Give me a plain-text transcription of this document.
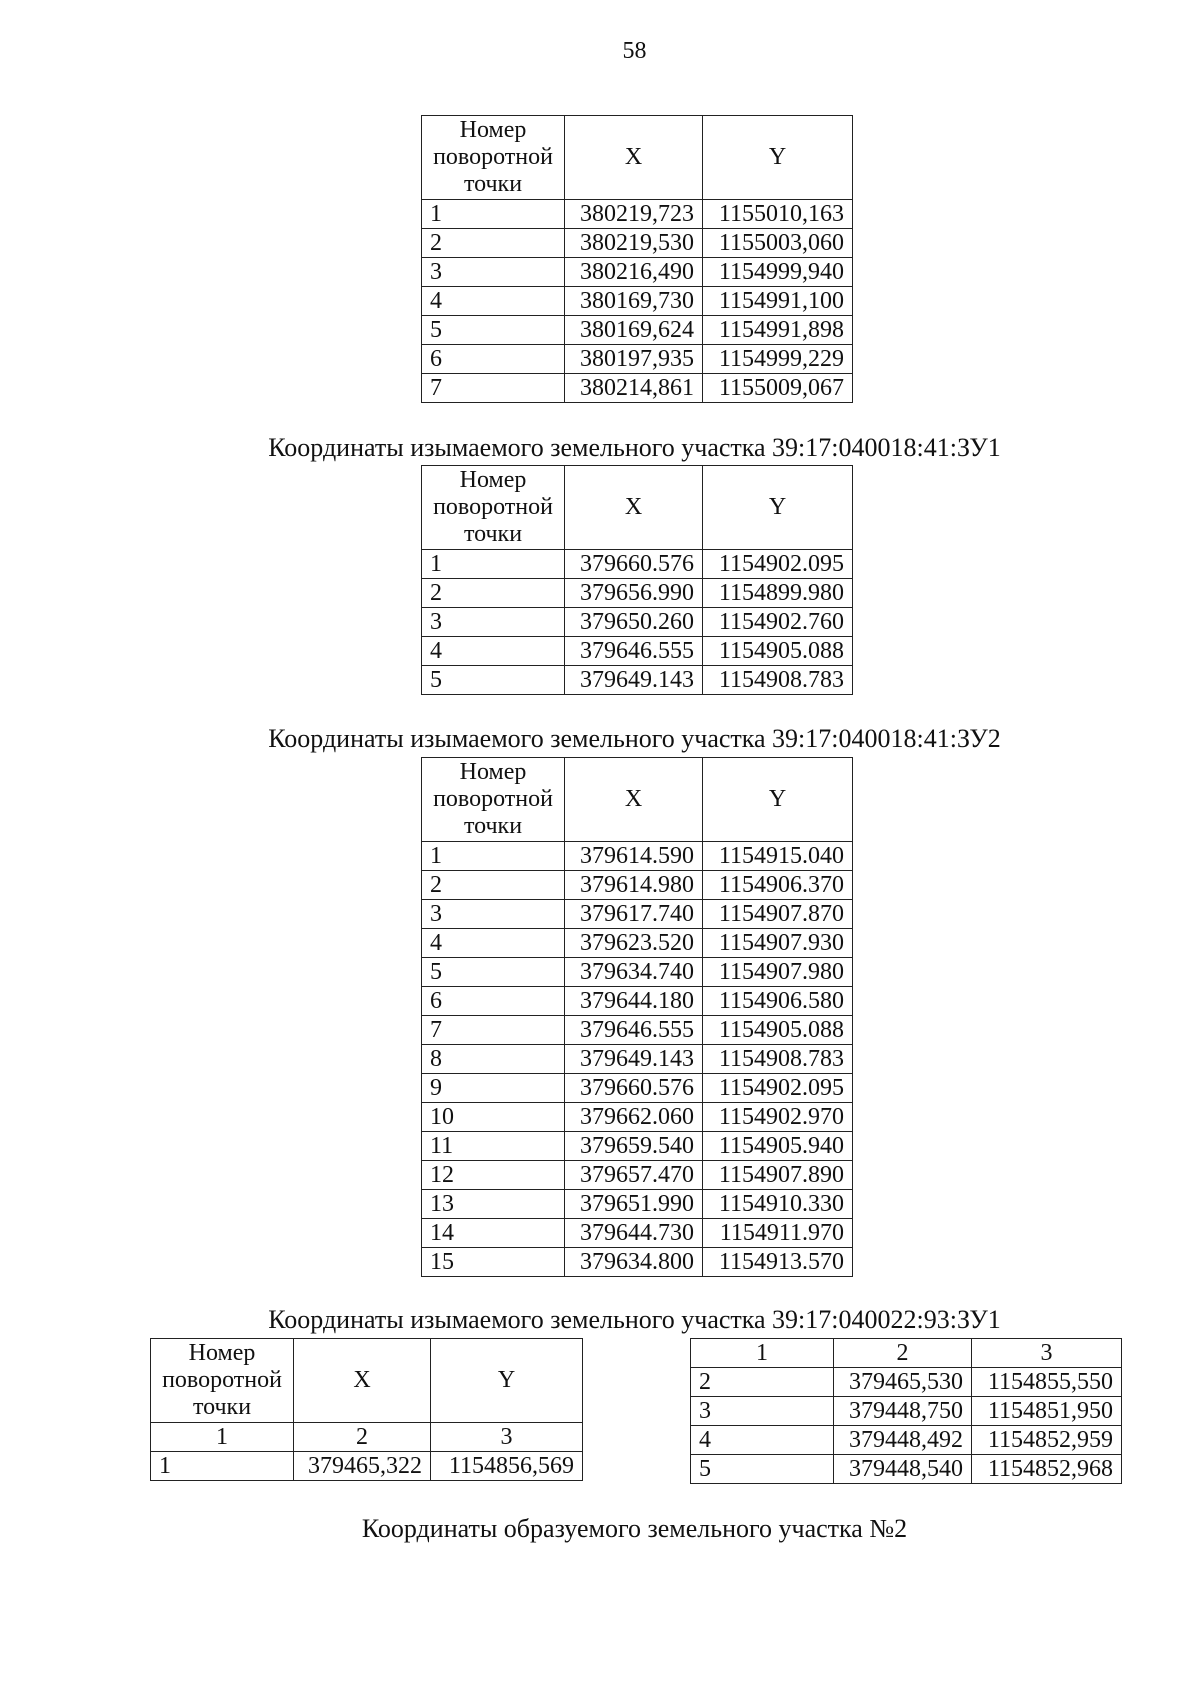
58
Номер
поворотной
точки	X	Y
1	380219,723	1155010,163
2	380219,530	1155003,060
3	380216,490	1154999,940
4	380169,730	1154991,100
5	380169,624	1154991,898
6	380197,935	1154999,229
7	380214,861	1155009,067
Координаты изымаемого земельного участка 39:17:040018:41:ЗУ1
Номер
поворотной
точки	X	Y
1	379660.576	1154902.095
2	379656.990	1154899.980
3	379650.260	1154902.760
4	379646.555	1154905.088
5	379649.143	1154908.783
Координаты изымаемого земельного участка 39:17:040018:41:ЗУ2
Номер
поворотной
точки	X	Y
1	379614.590	1154915.040
2	379614.980	1154906.370
3	379617.740	1154907.870
4	379623.520	1154907.930
5	379634.740	1154907.980
6	379644.180	1154906.580
7	379646.555	1154905.088
8	379649.143	1154908.783
9	379660.576	1154902.095
10	379662.060	1154902.970
11	379659.540	1154905.940
12	379657.470	1154907.890
13	379651.990	1154910.330
14	379644.730	1154911.970
15	379634.800	1154913.570
Координаты изымаемого земельного участка 39:17:040022:93:ЗУ1
Номер
поворотной
точки	X	Y
1	2	3
1	379465,322	1154856,569
1	2	3
2	379465,530	1154855,550
3	379448,750	1154851,950
4	379448,492	1154852,959
5	379448,540	1154852,968
Координаты образуемого земельного участка №2
